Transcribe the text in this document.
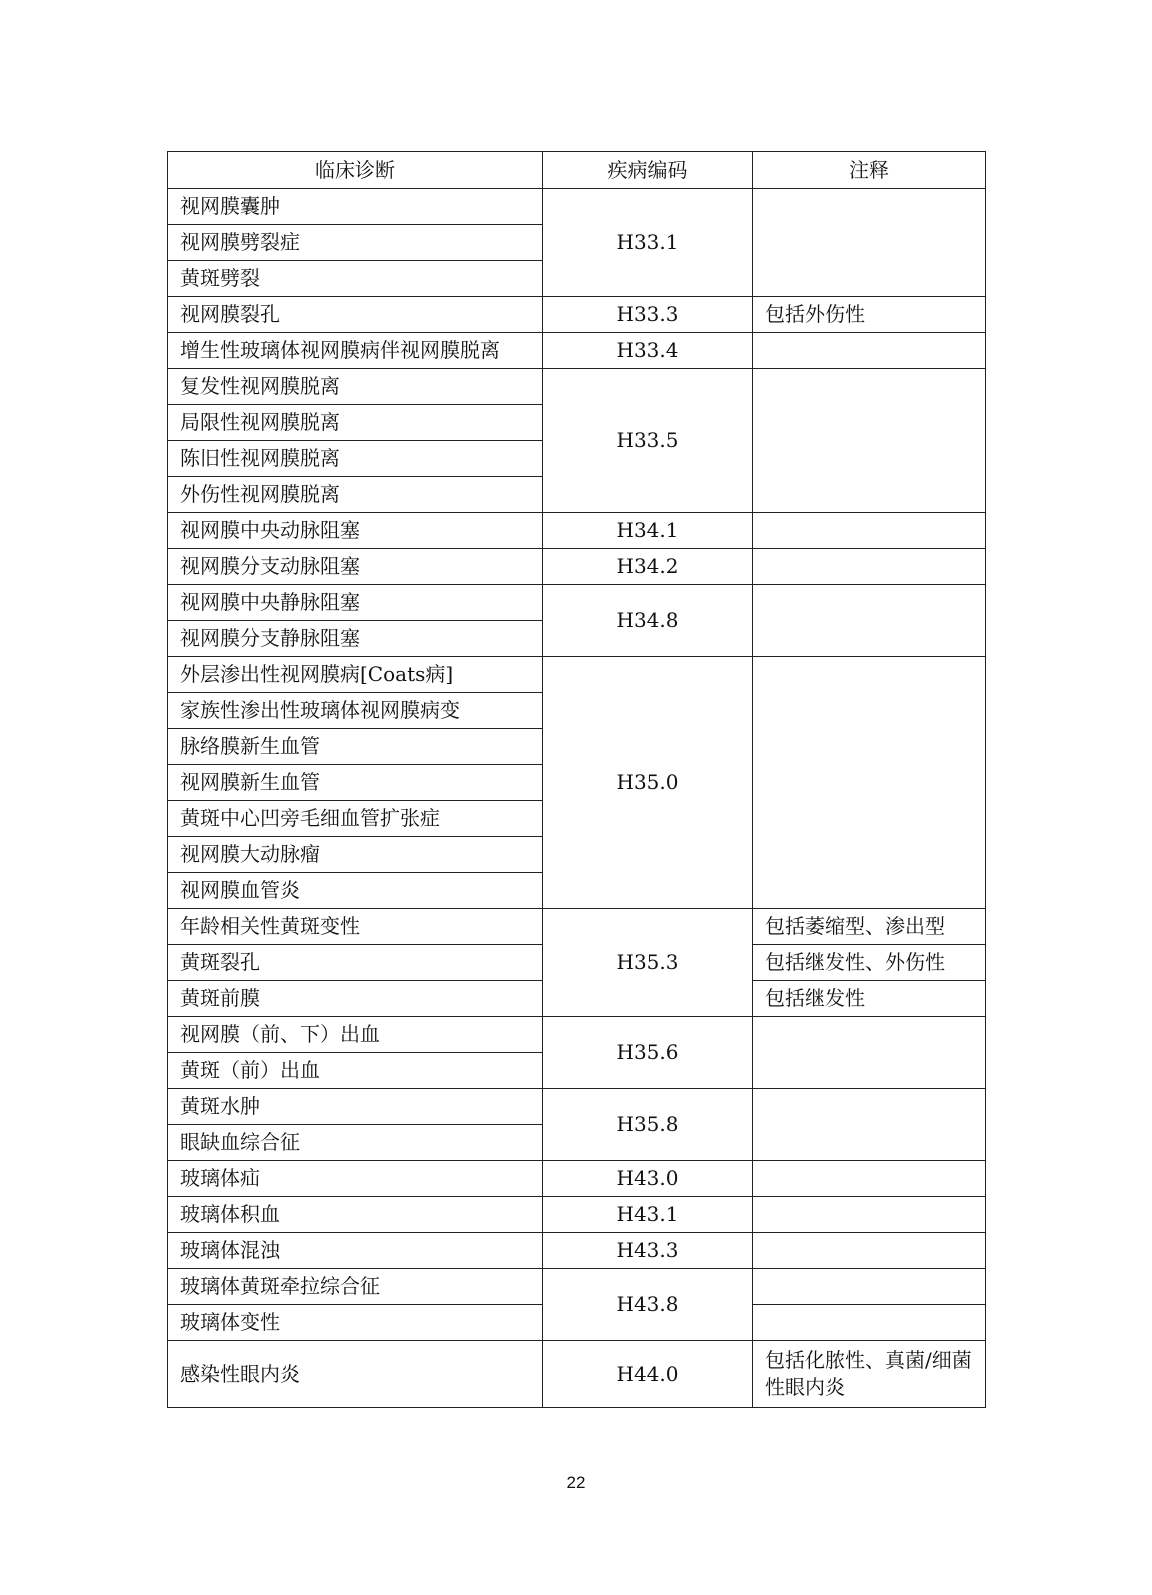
临床诊断	疾病编码	注释
视网膜囊肿	H33.1	
视网膜劈裂症		
黄斑劈裂		
视网膜裂孔	H33.3	包括外伤性
增生性玻璃体视网膜病伴视网膜脱离	H33.4	
复发性视网膜脱离	H33.5	
局限性视网膜脱离		
陈旧性视网膜脱离		
外伤性视网膜脱离		
视网膜中央动脉阻塞	H34.1	
视网膜分支动脉阻塞	H34.2	
视网膜中央静脉阻塞	H34.8	
视网膜分支静脉阻塞		
外层渗出性视网膜病[Coats病]	H35.0	
家族性渗出性玻璃体视网膜病变		
脉络膜新生血管		
视网膜新生血管		
黄斑中心凹旁毛细血管扩张症		
视网膜大动脉瘤		
视网膜血管炎		
年龄相关性黄斑变性	H35.3	包括萎缩型、渗出型
黄斑裂孔		包括继发性、外伤性
黄斑前膜		包括继发性
视网膜（前、下）出血	H35.6	
黄斑（前）出血		
黄斑水肿	H35.8	
眼缺血综合征		
玻璃体疝	H43.0	
玻璃体积血	H43.1	
玻璃体混浊	H43.3	
玻璃体黄斑牵拉综合征	H43.8	
玻璃体变性		
感染性眼内炎	H44.0	包括化脓性、真菌/细菌性眼内炎
22
